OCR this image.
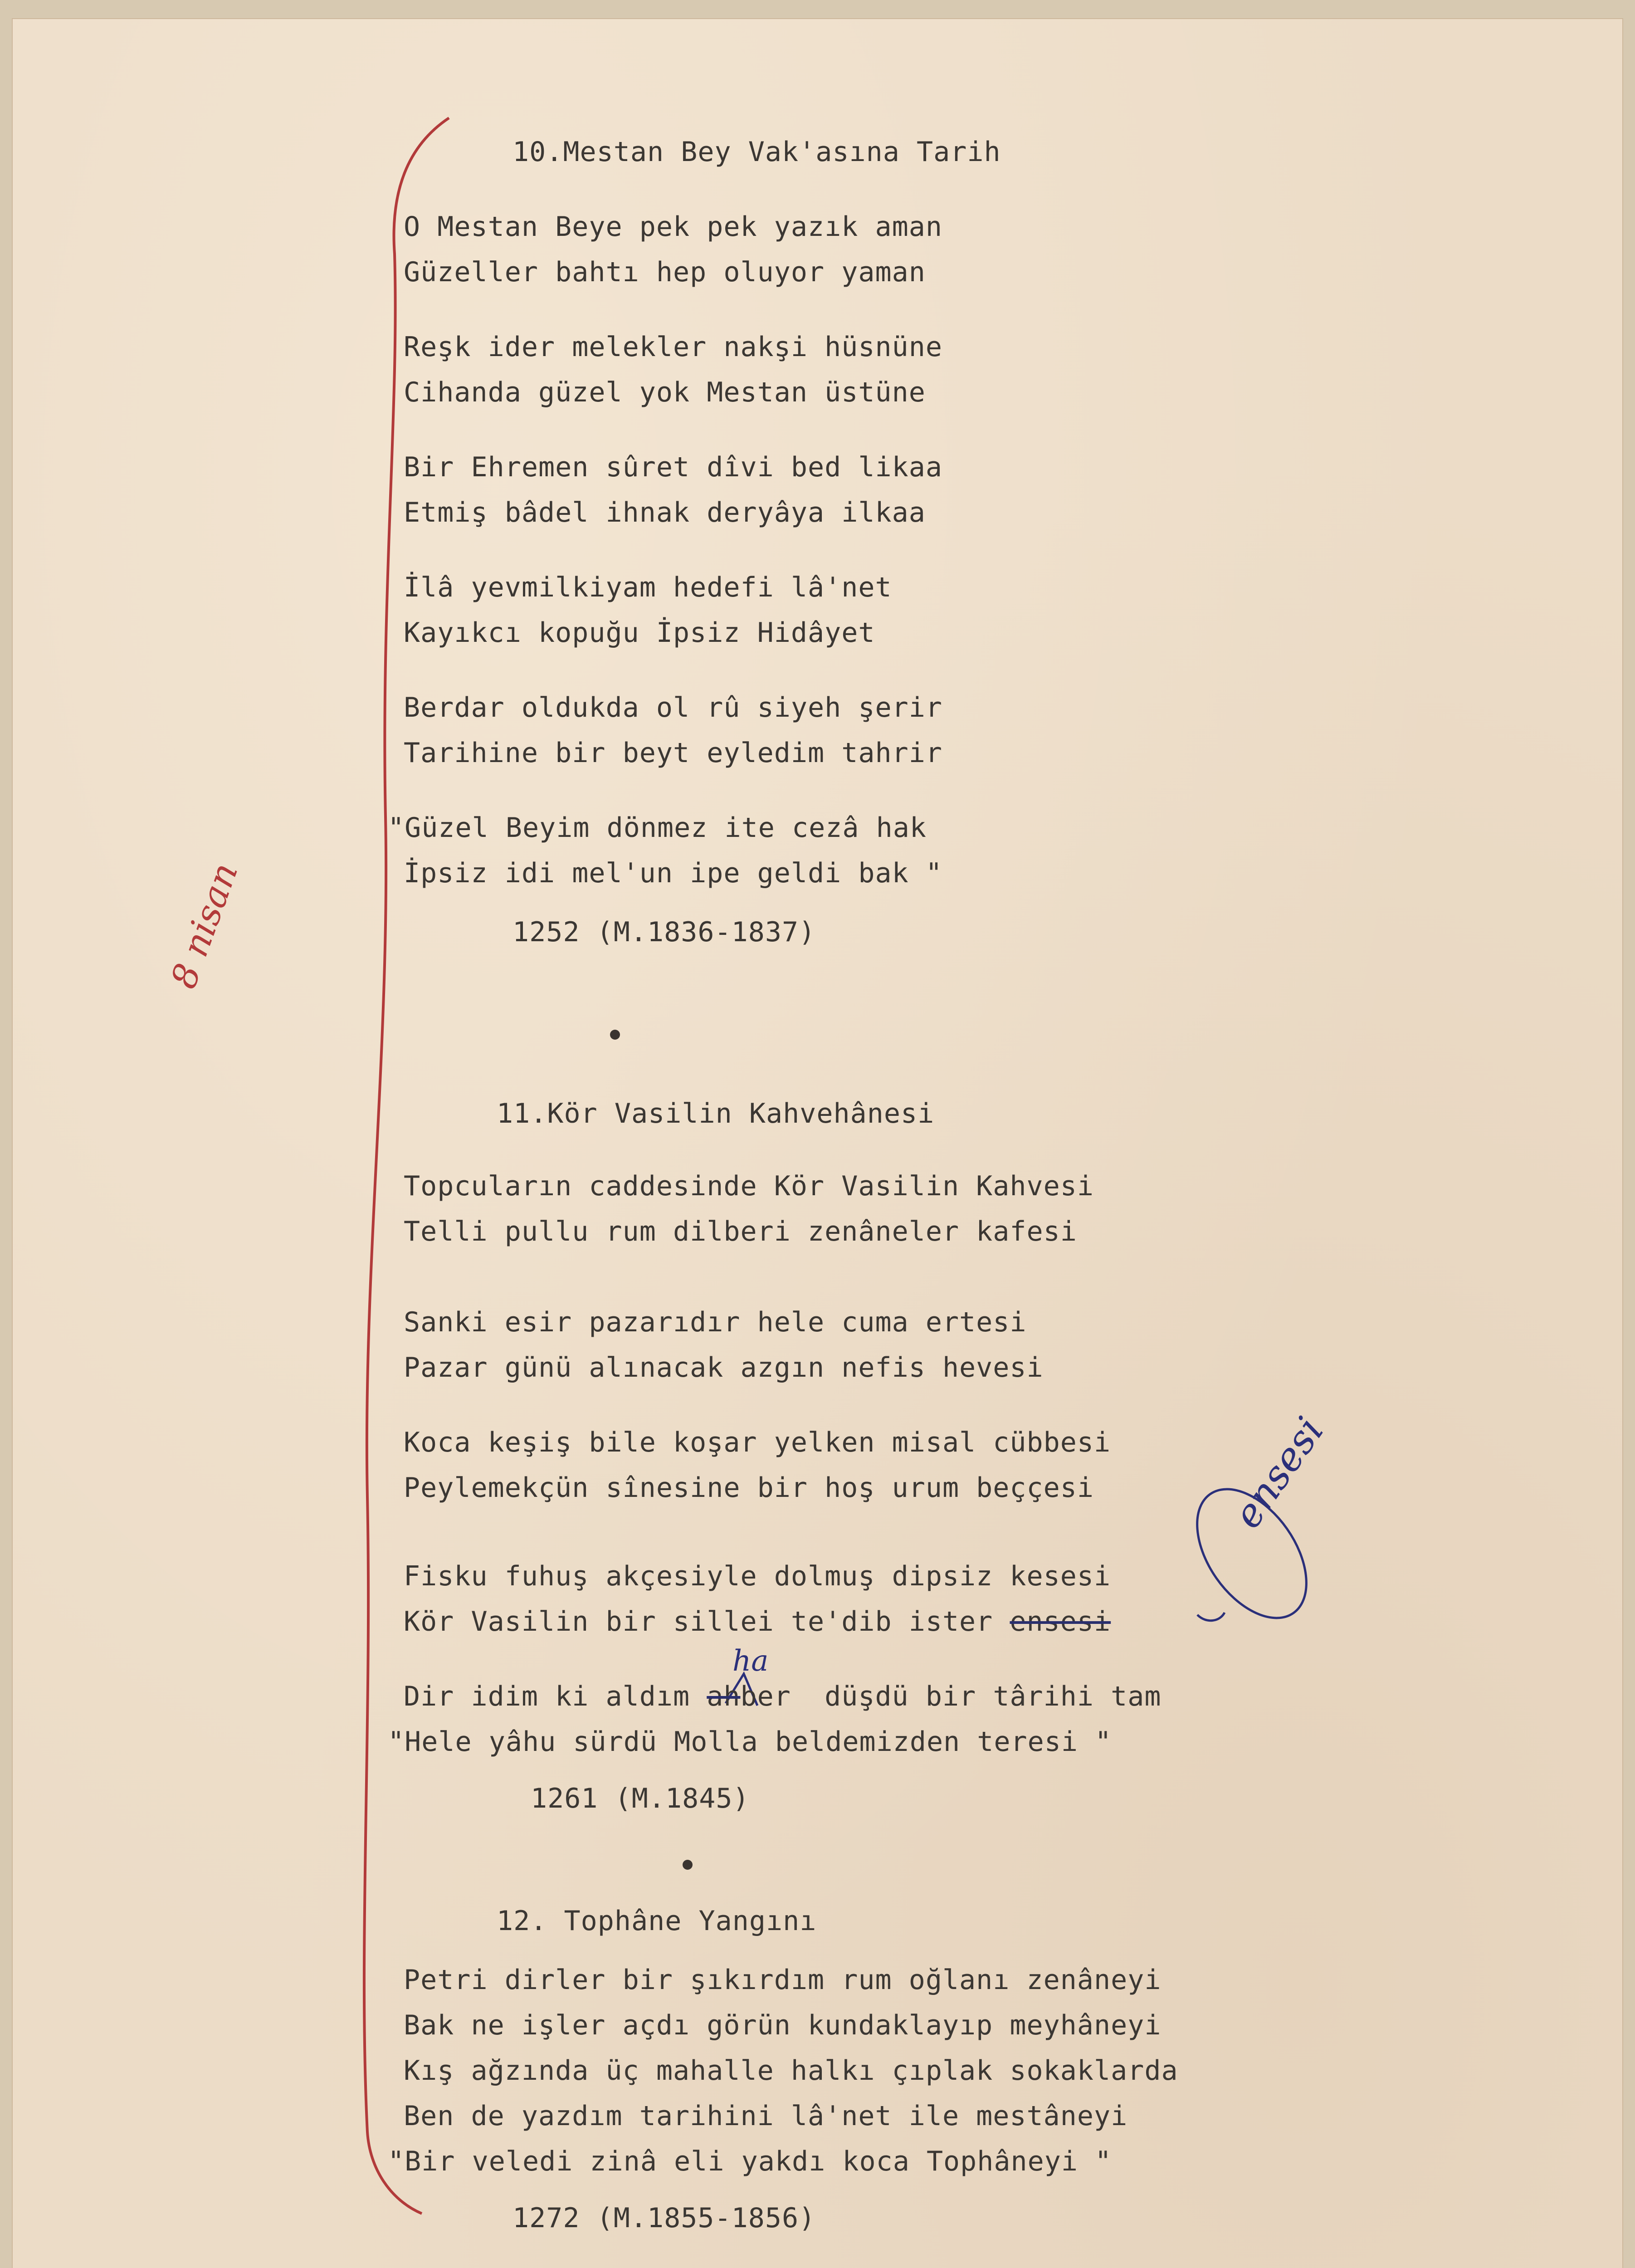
10.Mestan Bey Vak'asına Tarih
O Mestan Beye pek pek yazık aman
Güzeller bahtı hep oluyor yaman
Reşk ider melekler nakşi hüsnüne
Cihanda güzel yok Mestan üstüne
Bir Ehremen sûret dîvi bed likaa
Etmiş bâdel ihnak deryâya ilkaa
İlâ yevmilkiyam hedefi lâ'net
Kayıkcı kopuğu İpsiz Hidâyet
Berdar oldukda ol rû siyeh şerir
Tarihine bir beyt eyledim tahrir
"Güzel Beyim dönmez ite cezâ hak
İpsiz idi mel'un ipe geldi bak "
1252 (M.1836-1837)
8 nisan
11.Kör Vasilin Kahvehânesi
Topcuların caddesinde Kör Vasilin Kahvesi
Telli pullu rum dilberi zenâneler kafesi
Sanki esir pazarıdır hele cuma ertesi
Pazar günü alınacak azgın nefis hevesi
Koca keşiş bile koşar yelken misal cübbesi
Peylemekçün sînesine bir hoş urum beççesi
Fisku fuhuş akçesiyle dolmuş dipsiz kesesi
Kör Vasilin bir sillei te'dib ister ensesi
Dir idim ki aldım ahber  düşdü bir târihi tam
"Hele yâhu sürdü Molla beldemizden teresi "
1261 (M.1845)
ensesi
ha
12. Tophâne Yangını
Petri dirler bir şıkırdım rum oğlanı zenâneyi
Bak ne işler açdı görün kundaklayıp meyhâneyi
Kış ağzında üç mahalle halkı çıplak sokaklarda
Ben de yazdım tarihini lâ'net ile mestâneyi
"Bir veledi zinâ eli yakdı koca Tophâneyi "
1272 (M.1855-1856)
